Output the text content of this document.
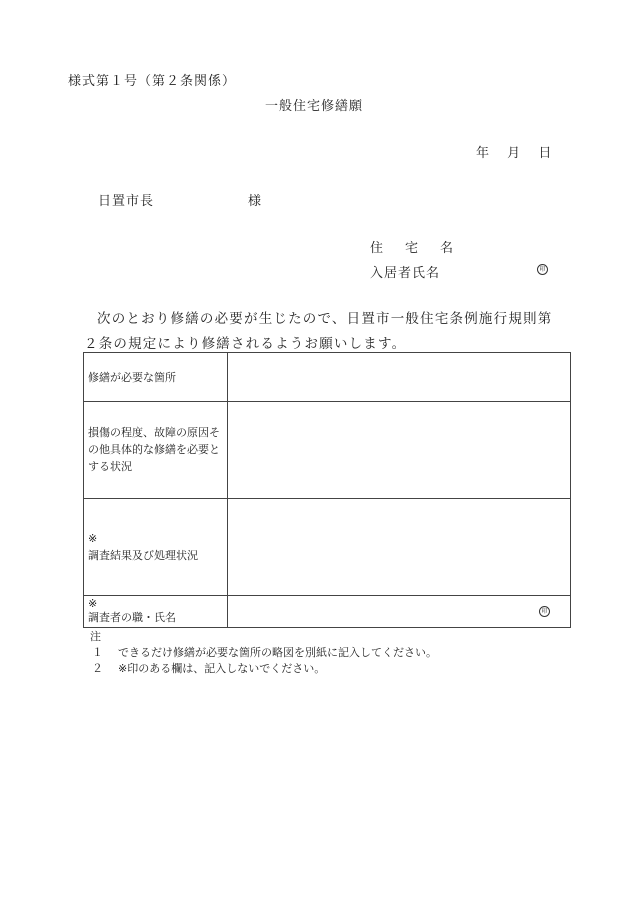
様式第１号（第２条関係）
一般住宅修繕願
年 月 日
日置市長	様
住 宅 名
入居者氏名	印

次のとおり修繕の必要が生じたので、日置市一般住宅条例施行規則第

２条の規定により修繕されるようお願いします。

修繕が必要な箇所	
損傷の程度、故障の原因その他具体的な修繕を必要とする状況	

※
調査結果及び処理状況	

※
調査者の職・氏名	印
注
１ できるだけ修繕が必要な箇所の略図を別紙に記入してください。
２ ※印のある欄は、記入しないでください。
